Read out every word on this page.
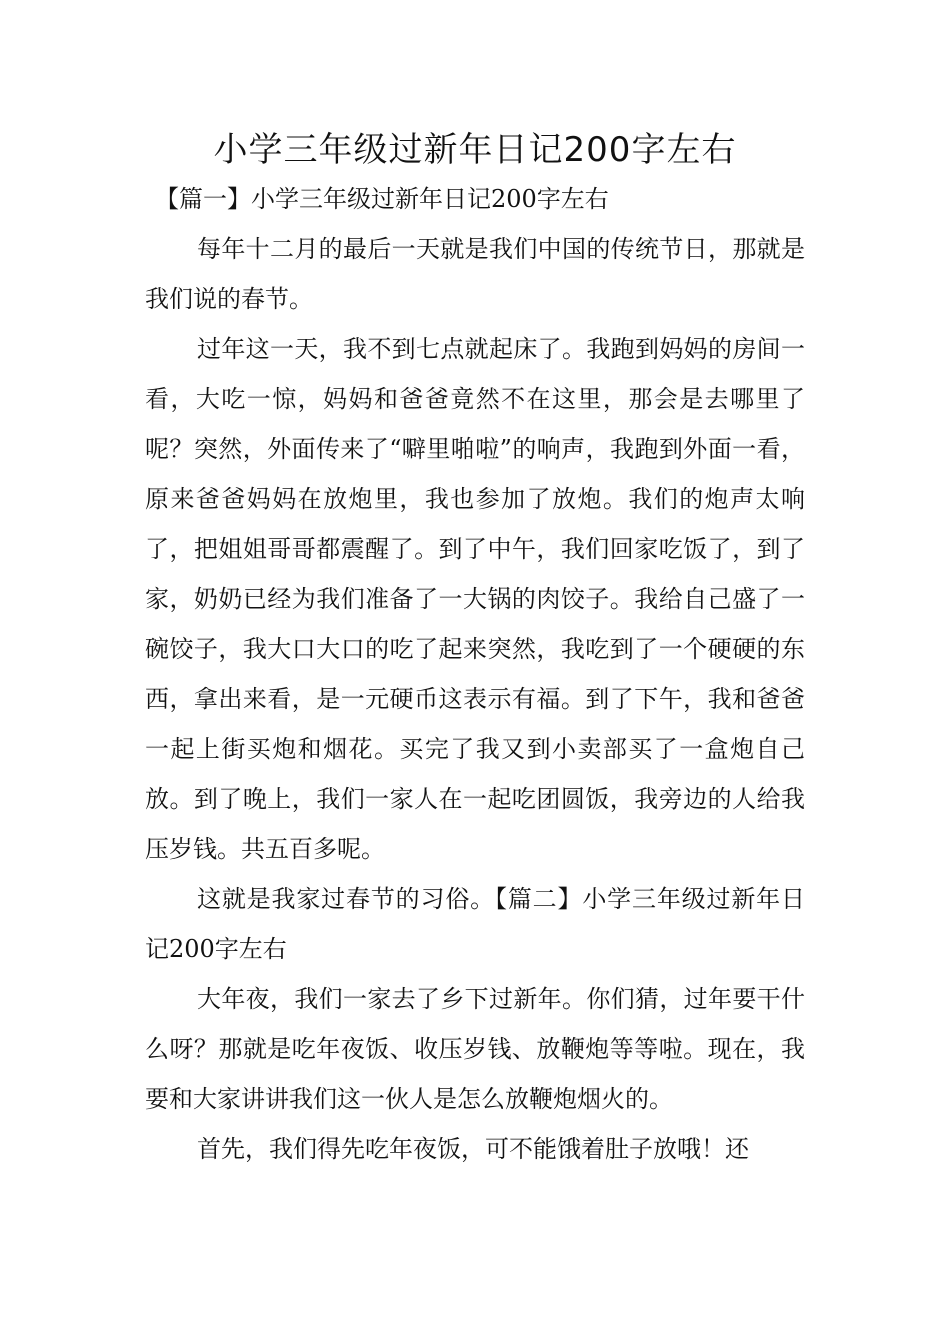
小学三年级过新年日记200字左右

【篇一】小学三年级过新年日记200字左右

每年十二月的最后一天就是我们中国的传统节日，那就是我们说的春节。

过年这一天，我不到七点就起床了。我跑到妈妈的房间一看，大吃一惊，妈妈和爸爸竟然不在这里，那会是去哪里了呢？突然，外面传来了“噼里啪啦”的响声，我跑到外面一看，原来爸爸妈妈在放炮里，我也参加了放炮。我们的炮声太响了，把姐姐哥哥都震醒了。到了中午，我们回家吃饭了，到了家，奶奶已经为我们准备了一大锅的肉饺子。我给自己盛了一碗饺子，我大口大口的吃了起来突然，我吃到了一个硬硬的东西，拿出来看，是一元硬币这表示有福。到了下午，我和爸爸一起上街买炮和烟花。买完了我又到小卖部买了一盒炮自己放。到了晚上，我们一家人在一起吃团圆饭，我旁边的人给我压岁钱。共五百多呢。

这就是我家过春节的习俗。【篇二】小学三年级过新年日记200字左右

大年夜，我们一家去了乡下过新年。你们猜，过年要干什么呀？那就是吃年夜饭、收压岁钱、放鞭炮等等啦。现在，我要和大家讲讲我们这一伙人是怎么放鞭炮烟火的。

首先，我们得先吃年夜饭，可不能饿着肚子放哦！还
